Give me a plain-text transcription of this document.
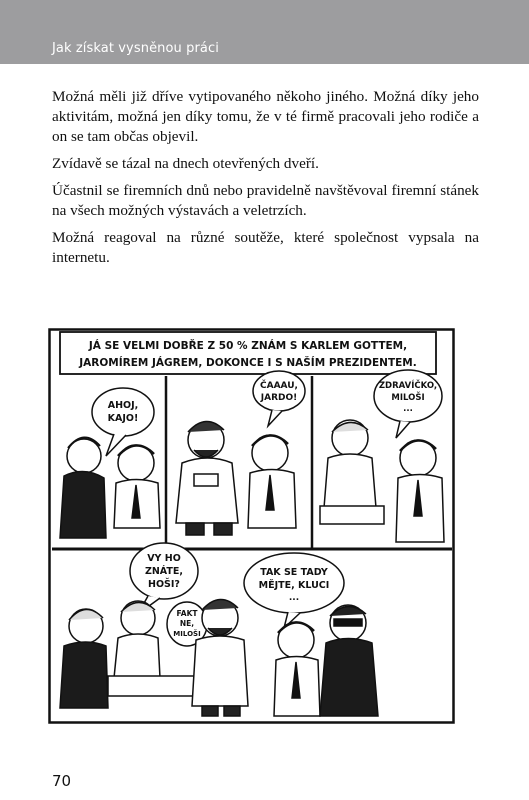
Jak získat vysněnou práci

Možná měli již dříve vytipovaného někoho jiného. Možná díky jeho aktivitám, možná jen díky tomu, že v té firmě pracovali jeho rodiče a on se tam občas objevil.

Zvídavě se tázal na dnech otevřených dveří.

Účastnil se firemních dnů nebo pravidelně navštěvoval firemní stánek na všech možných výstavách a veletrzích.

Možná reagoval na různé soutěže, které společnost vypsala na internetu.

JÁ SE VELMI DOBŘE Z 50 % ZNÁM S KARLEM GOTTEM,
JAROMÍREM JÁGREM, DOKONCE I S NAŠÍM PREZIDENTEM.
AHOJ,
KAJO!
ČAAAU,
JARDO!
ZDRAVÍČKO,
MILOŠI
...
VY HO
ZNÁTE,
HOŠI?
FAKT
NE,
MILOŠI
TAK SE TADY
MĚJTE, KLUCI
...
70
